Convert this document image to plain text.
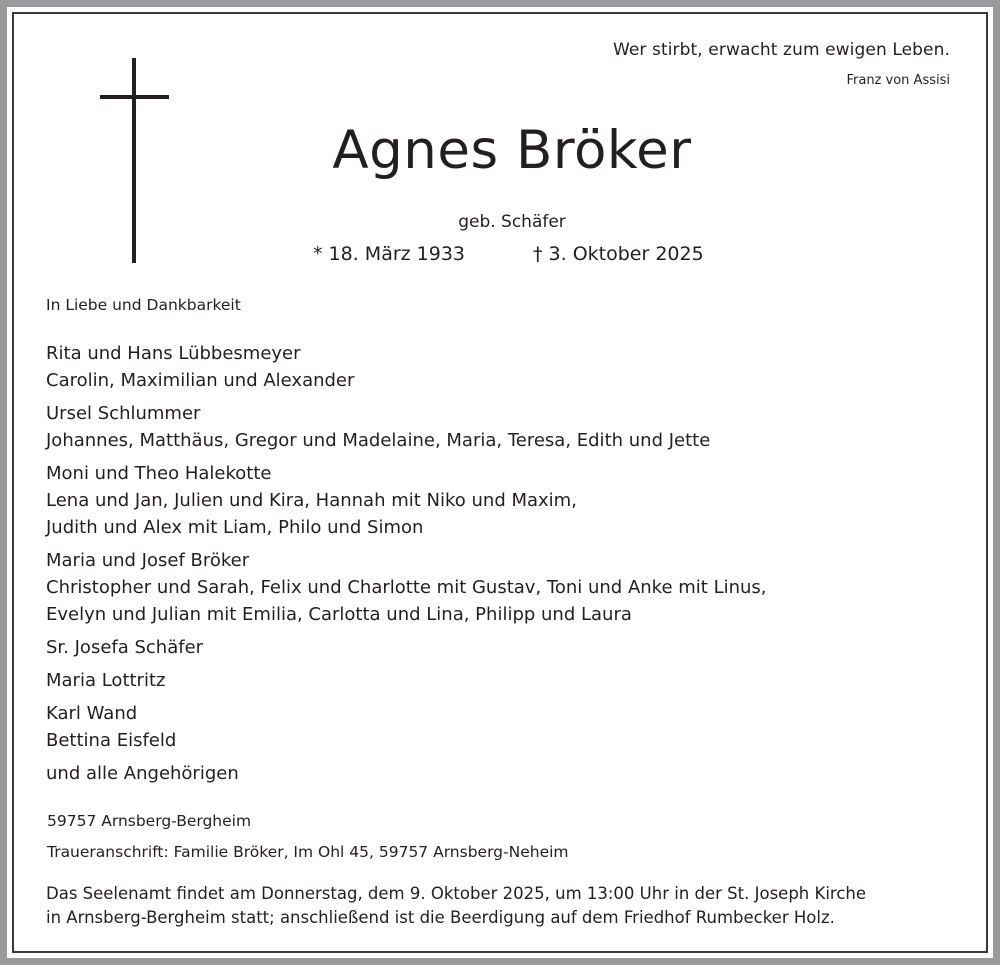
Wer stirbt, erwacht zum ewigen Leben.
Franz von Assisi
Agnes Bröker
geb. Schäfer
* 18. März 1933	† 3. Oktober 2025
In Liebe und Dankbarkeit
Rita und Hans Lübbesmeyer
Carolin, Maximilian und Alexander
Ursel Schlummer
Johannes, Matthäus, Gregor und Madelaine, Maria, Teresa, Edith und Jette
Moni und Theo Halekotte
Lena und Jan, Julien und Kira, Hannah mit Niko und Maxim,
Judith und Alex mit Liam, Philo und Simon
Maria und Josef Bröker
Christopher und Sarah, Felix und Charlotte mit Gustav, Toni und Anke mit Linus,
Evelyn und Julian mit Emilia, Carlotta und Lina, Philipp und Laura
Sr. Josefa Schäfer
Maria Lottritz
Karl Wand
Bettina Eisfeld
und alle Angehörigen
59757 Arnsberg-Bergheim
Traueranschrift: Familie Bröker, Im Ohl 45, 59757 Arnsberg-Neheim
Das Seelenamt findet am Donnerstag, dem 9. Oktober 2025, um 13:00 Uhr in der St. Joseph Kirche
in Arnsberg-Bergheim statt; anschließend ist die Beerdigung auf dem Friedhof Rumbecker Holz.
